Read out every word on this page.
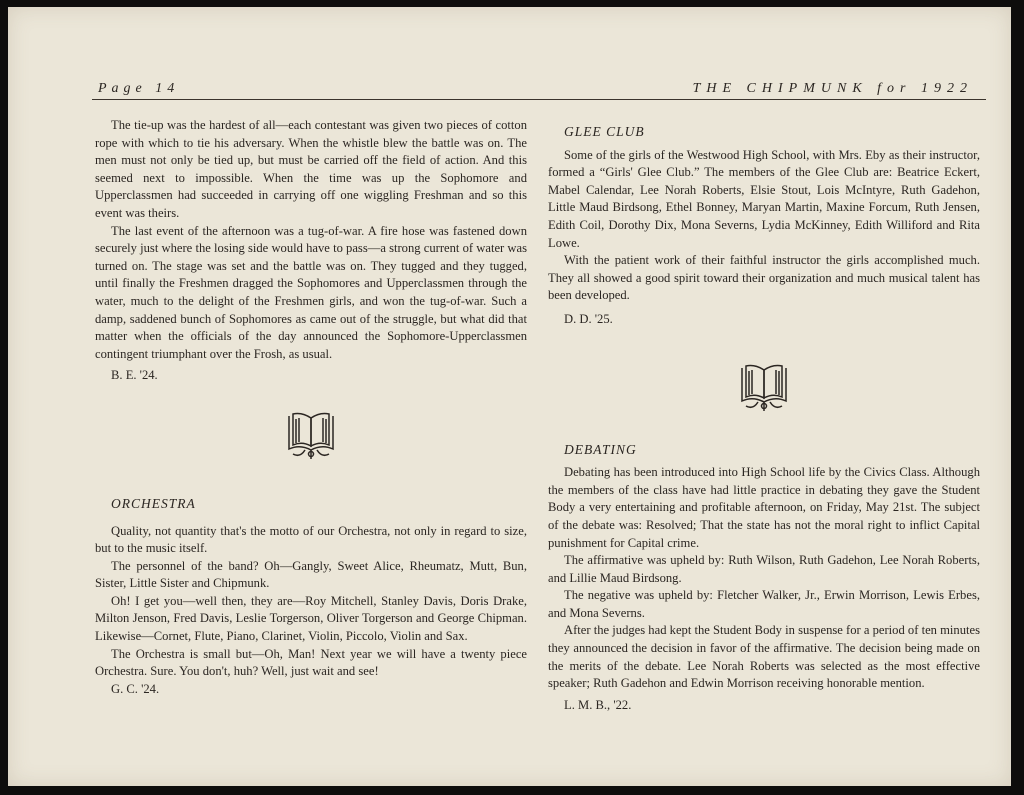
Page 14	THE CHIPMUNK for 1922

The tie-up was the hardest of all—each contestant was given two pieces of cotton rope with which to tie his adversary. When the whistle blew the battle was on. The men must not only be tied up, but must be carried off the field of action. And this seemed next to impossible. When the time was up the Sophomore and Upperclassmen had succeeded in carrying off one wiggling Freshman and so this event was theirs.

The last event of the afternoon was a tug-of-war. A fire hose was fastened down securely just where the losing side would have to pass—a strong current of water was turned on. The stage was set and the battle was on. They tugged and they tugged, until finally the Freshmen dragged the Sophomores and Upperclassmen through the water, much to the delight of the Freshmen girls, and won the tug-of-war. Such a damp, saddened bunch of Sophomores as came out of the struggle, but what did that matter when the officials of the day announced the Sophomore-Upperclassmen contingent triumphant over the Frosh, as usual.

B. E. '24.

ORCHESTRA

Quality, not quantity that's the motto of our Orchestra, not only in regard to size, but to the music itself.

The personnel of the band? Oh—Gangly, Sweet Alice, Rheumatz, Mutt, Bun, Sister, Little Sister and Chipmunk.

Oh! I get you—well then, they are—Roy Mitchell, Stanley Davis, Doris Drake, Milton Jenson, Fred Davis, Leslie Torgerson, Oliver Torgerson and George Chipman. Likewise—Cornet, Flute, Piano, Clarinet, Violin, Piccolo, Violin and Sax.

The Orchestra is small but—Oh, Man! Next year we will have a twenty piece Orchestra. Sure. You don't, huh? Well, just wait and see!

G. C. '24.

GLEE CLUB

Some of the girls of the Westwood High School, with Mrs. Eby as their instructor, formed a “Girls' Glee Club.” The members of the Glee Club are: Beatrice Eckert, Mabel Calendar, Lee Norah Roberts, Elsie Stout, Lois McIntyre, Ruth Gadehon, Little Maud Birdsong, Ethel Bonney, Maryan Martin, Maxine Forcum, Ruth Jensen, Edith Coil, Dorothy Dix, Mona Severns, Lydia McKinney, Edith Williford and Rita Lowe.

With the patient work of their faithful instructor the girls accomplished much. They all showed a good spirit toward their organization and much musical talent has been developed.

D. D. '25.

DEBATING

Debating has been introduced into High School life by the Civics Class. Although the members of the class have had little practice in debating they gave the Student Body a very entertaining and profitable afternoon, on Friday, May 21st. The subject of the debate was: Resolved; That the state has not the moral right to inflict Capital punishment for Capital crime.

The affirmative was upheld by: Ruth Wilson, Ruth Gadehon, Lee Norah Roberts, and Lillie Maud Birdsong.

The negative was upheld by: Fletcher Walker, Jr., Erwin Morrison, Lewis Erbes, and Mona Severns.

After the judges had kept the Student Body in suspense for a period of ten minutes they announced the decision in favor of the affirmative. The decision being made on the merits of the debate. Lee Norah Roberts was selected as the most effective speaker; Ruth Gadehon and Edwin Morrison receiving honorable mention.

L. M. B., '22.
